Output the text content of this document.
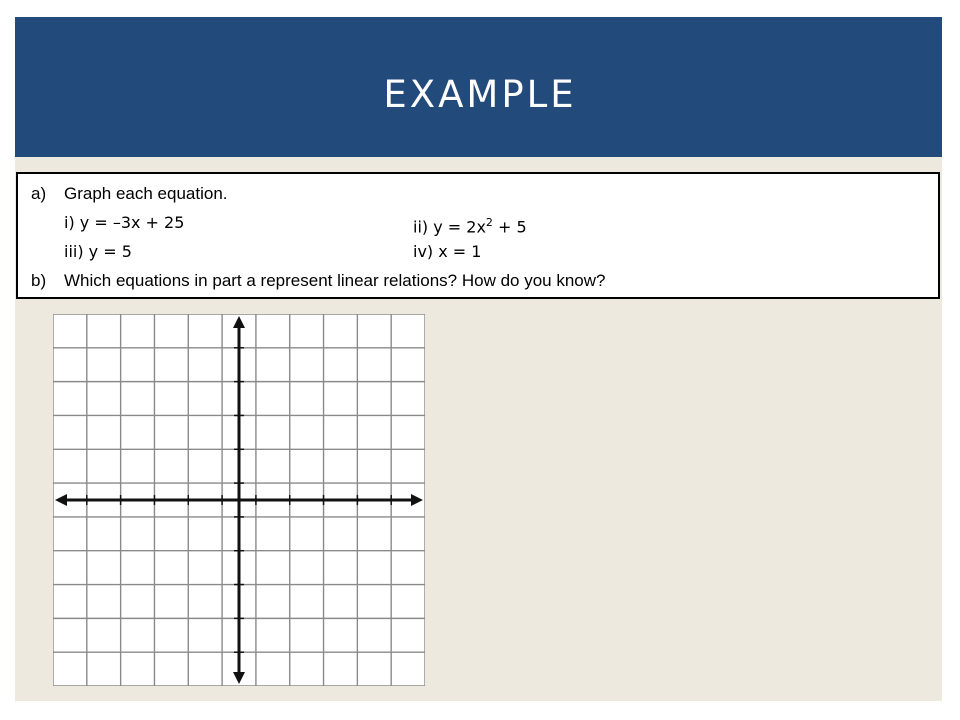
EXAMPLE
a) Graph each equation.
i) y = –3x + 25	ii) $y = 2x^2 + 5$
iii) y = 5	iv) x = 1
b) Which equations in part a represent linear relations? How do you know?
